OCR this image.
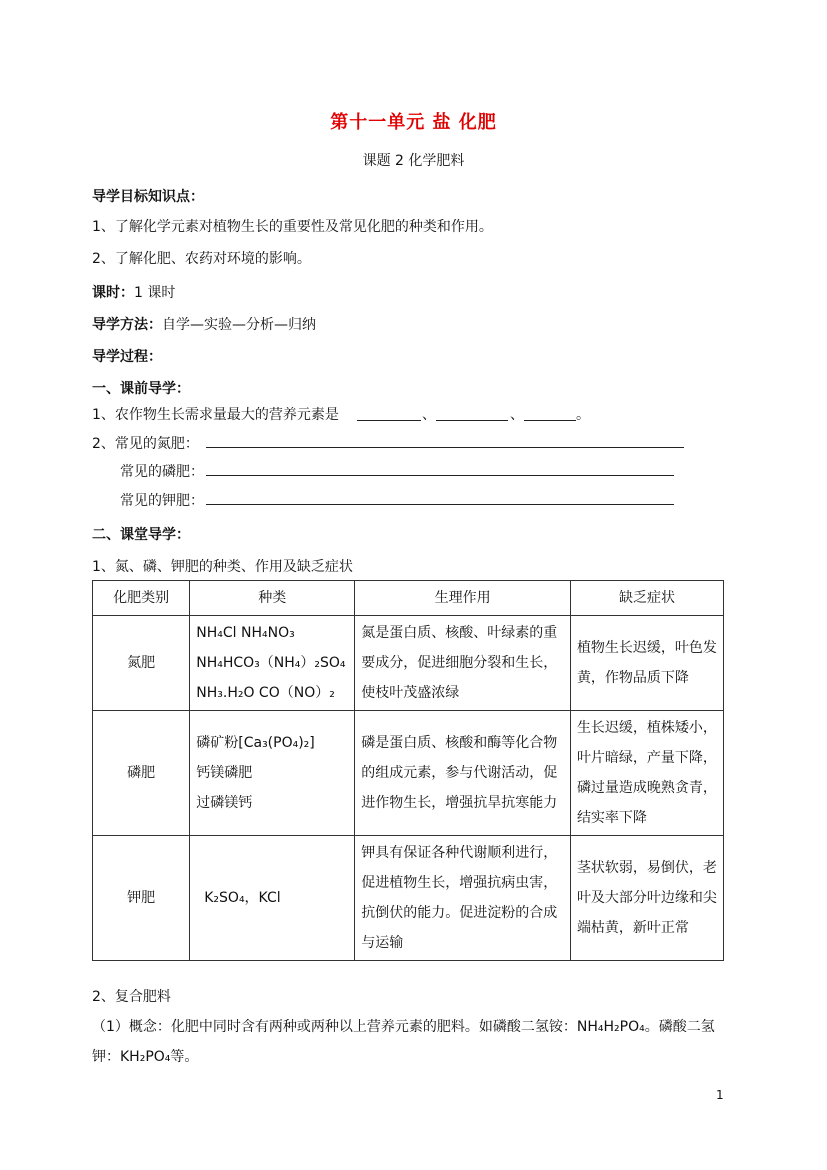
第十一单元 盐 化肥
课题 2 化学肥料
导学目标知识点：
1、了解化学元素对植物生长的重要性及常见化肥的种类和作用。
2、了解化肥、农药对环境的影响。
课时：1 课时
导学方法：自学—实验—分析—归纳
导学过程：
一、课前导学：
1、农作物生长需求量最大的营养元素是	、	、	。
2、常见的氮肥：
常见的磷肥：
常见的钾肥：
二、课堂导学：
1、氮、磷、钾肥的种类、作用及缺乏症状
化肥类别	种类	生理作用	缺乏症状
氮肥	NH₄Cl NH₄NO₃
NH₄HCO₃（NH₄）₂SO₄
NH₃.H₂O CO（NO）₂	氮是蛋白质、核酸、叶绿素的重要成分，促进细胞分裂和生长，使枝叶茂盛浓绿	植物生长迟缓，叶色发黄，作物品质下降
磷肥	磷矿粉[Ca₃(PO₄)₂]
钙镁磷肥
过磷镁钙	磷是蛋白质、核酸和酶等化合物的组成元素，参与代谢活动，促进作物生长，增强抗旱抗寒能力	生长迟缓，植株矮小，叶片暗绿，产量下降，磷过量造成晚熟贪青，结实率下降
钾肥	K₂SO₄，KCl	钾具有保证各种代谢顺利进行，促进植物生长，增强抗病虫害，抗倒伏的能力。促进淀粉的合成与运输	茎状软弱，易倒伏，老叶及大部分叶边缘和尖端枯黄，新叶正常
2、复合肥料
（1）概念：化肥中同时含有两种或两种以上营养元素的肥料。如磷酸二氢铵：NH₄H₂PO₄。磷酸二氢
钾：KH₂PO₄等。
1
